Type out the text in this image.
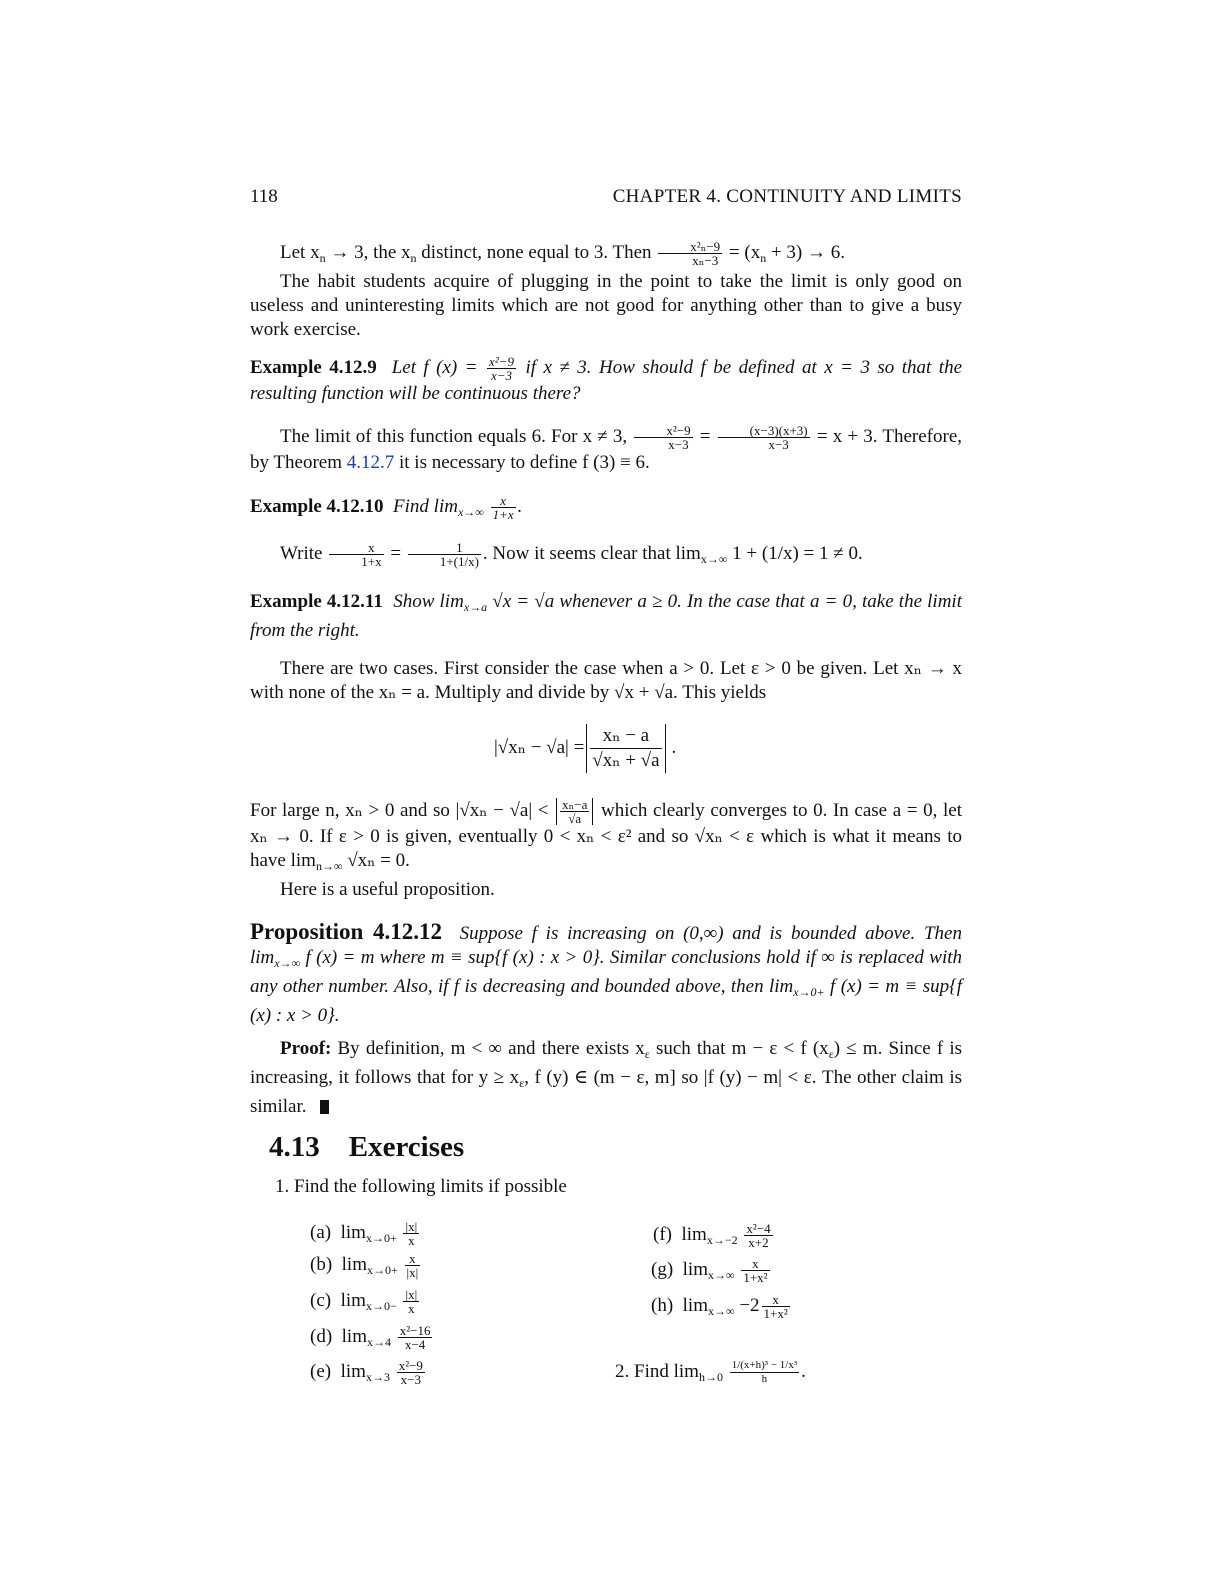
118	CHAPTER 4. CONTINUITY AND LIMITS

Let $x_n \to 3$, the $x_n$ distinct, none equal to 3. Then $\frac{\text{x²ₙ−9}}{\text{xₙ−3}} = (x_n + 3) \to 6$.

The habit students acquire of plugging in the point to take the limit is only good on useless and uninteresting limits which are not good for anything other than to give a busy work exercise.

Example 4.12.9 Let f $(x) = \frac{\text{x²−9}}{x-3}$ if x ≠ 3. How should f be defined at x = 3 so that the resulting function will be continuous there?

The limit of this function equals 6. For x ≠ 3, $\frac{\text{x²−9}}{x-3} = \frac{(x-3)(x+3)}{x-3} = x + 3$. Therefore, by Theorem 4.12.7 it is necessary to define f (3) ≡ 6.

Example 4.12.10 Find $\lim_{x\to\infty} \frac{x}{1+x}$ .

Write $\frac{x}{1+x} = \frac{1}{1+(1/x)}$ . Now it seems clear that $\lim_{x\to\infty} 1 + (1/x) = 1 \ne 0$.

Example 4.12.11 Show $\lim_{x\to a} √x = √a$ whenever a ≥ 0. In the case that a = 0, take the limit from the right.

There are two cases. First consider the case when a > 0. Let ε > 0 be given. Let xₙ → x with none of the xₙ = a. Multiply and divide by √x + √a. This yields

$|√x_n - √a| = \frac{\text{xₙ − a}}{\text{√xₙ + √a}}$ .

For large n, xₙ > 0 and so $|√x_n - √a| < \frac{\text{xₙ−a}}{√a}$ which clearly converges to 0. In case a = 0, let xₙ → 0. If ε > 0 is given, eventually 0 < xₙ < ε² and so √xₙ < ε which is what it means to have $\lim_{n\to\infty} √x_n = 0$.

Here is a useful proposition.

Proposition 4.12.12 Suppose f is increasing on (0,∞) and is bounded above. Then $\lim_{x\to\infty} f$ (x) = m where m ≡ sup{f (x) : x > 0}. Similar conclusions hold if ∞ is replaced with any other number. Also, if f is decreasing and bounded above, then $\lim_{x\to 0+} f$ (x) = m ≡ sup{f (x) : x > 0}.

Proof: By definition, m < ∞ and there exists $x_\varepsilon$ such that m − ε < f $(x_\varepsilon) \le m$. Since f is increasing, it follows that for $y \ge x_\varepsilon$, f (y) ∈ (m − ε, m] so |f (y) − m| < ε. The other claim is similar.

4.13 Exercises
1. Find the following limits if possible
(a) $\lim_{x\to 0+} \frac{|x|}{x}$
(b) $\lim_{x\to 0+} \frac{x}{|x|}$
(c) $\lim_{x\to 0-} \frac{|x|}{x}$
(d) $\lim_{x\to 4} \frac{\text{x²−16}}{x-4}$
(e) $\lim_{x\to 3} \frac{\text{x²−9}}{x-3}$
(f) $\lim_{x\to-2} \frac{\text{x²−4}}{x+2}$
(g) $\lim_{x\to\infty} \frac{x}{\text{1+x²}}$
(h) $\lim_{x\to\infty} -2 \frac{x}{\text{1+x²}}$
2. Find $\lim_{h\to 0} \frac{\text{1/(x+h)³ − 1/x³}}{h}$ .
